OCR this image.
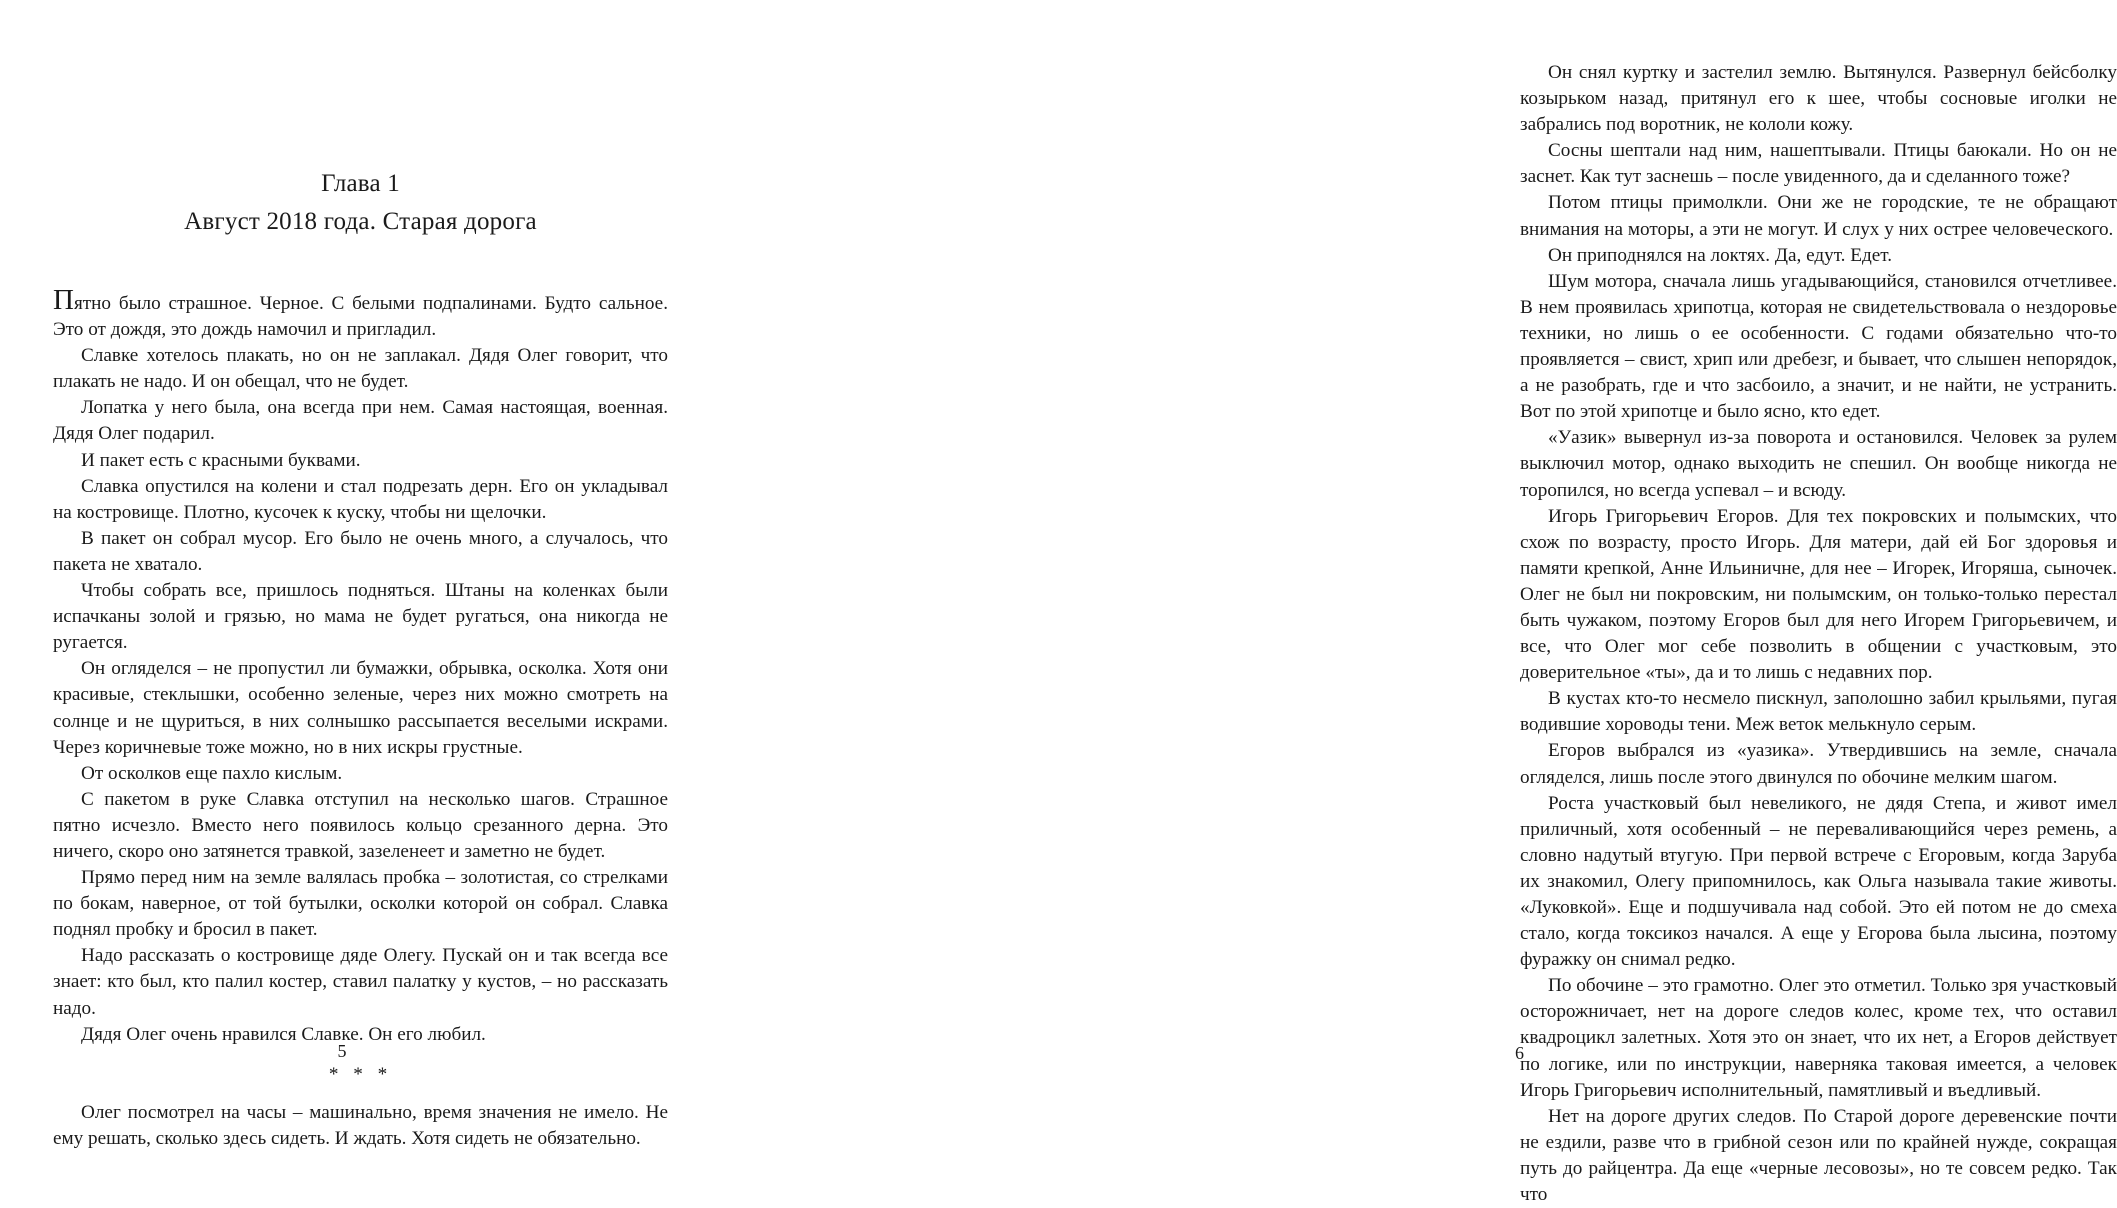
Глава 1
Август 2018 года. Старая дорога

Пятно было страшное. Черное. С белыми подпалинами. Будто сальное. Это от дождя, это дождь намочил и пригладил.

Славке хотелось плакать, но он не заплакал. Дядя Олег говорит, что плакать не надо. И он обещал, что не будет.

Лопатка у него была, она всегда при нем. Самая настоящая, военная. Дядя Олег подарил.

И пакет есть с красными буквами.

Славка опустился на колени и стал подрезать дерн. Его он укладывал на костровище. Плотно, кусочек к куску, чтобы ни щелочки.

В пакет он собрал мусор. Его было не очень много, а случалось, что пакета не хватало.

Чтобы собрать все, пришлось подняться. Штаны на коленках были испачканы золой и грязью, но мама не будет ругаться, она никогда не ругается.

Он огляделся – не пропустил ли бумажки, обрывка, осколка. Хотя они красивые, стеклышки, особенно зеленые, через них можно смотреть на солнце и не щуриться, в них солнышко рассыпается веселыми искрами. Через коричневые тоже можно, но в них искры грустные.

От осколков еще пахло кислым.

С пакетом в руке Славка отступил на несколько шагов. Страшное пятно исчезло. Вместо него появилось кольцо срезанного дерна. Это ничего, скоро оно затянется травкой, зазеленеет и заметно не будет.

Прямо перед ним на земле валялась пробка – золотистая, со стрелками по бокам, наверное, от той бутылки, осколки которой он собрал. Славка поднял пробку и бросил в пакет.

Надо рассказать о костровище дяде Олегу. Пускай он и так всегда все знает: кто был, кто палил костер, ставил палатку у кустов, – но рассказать надо.

Дядя Олег очень нравился Славке. Он его любил.

* * *

Олег посмотрел на часы – машинально, время значения не имело. Не ему решать, сколько здесь сидеть. И ждать. Хотя сидеть не обязательно.

5

Он снял куртку и застелил землю. Вытянулся. Развернул бейсболку козырьком назад, притянул его к шее, чтобы сосновые иголки не забрались под воротник, не кололи кожу.

Сосны шептали над ним, нашептывали. Птицы баюкали. Но он не заснет. Как тут заснешь – после увиденного, да и сделанного тоже?

Потом птицы примолкли. Они же не городские, те не обращают внимания на моторы, а эти не могут. И слух у них острее человеческого.

Он приподнялся на локтях. Да, едут. Едет.

Шум мотора, сначала лишь угадывающийся, становился отчетливее. В нем проявилась хрипотца, которая не свидетельствовала о нездоровье техники, но лишь о ее особенности. С годами обязательно что-то проявляется – свист, хрип или дребезг, и бывает, что слышен непорядок, а не разобрать, где и что засбоило, а значит, и не найти, не устранить. Вот по этой хрипотце и было ясно, кто едет.

«Уазик» вывернул из-за поворота и остановился. Человек за рулем выключил мотор, однако выходить не спешил. Он вообще никогда не торопился, но всегда успевал – и всюду.

Игорь Григорьевич Егоров. Для тех покровских и полымских, что схож по возрасту, просто Игорь. Для матери, дай ей Бог здоровья и памяти крепкой, Анне Ильиничне, для нее – Игорек, Игоряша, сыночек. Олег не был ни покровским, ни полымским, он только-только перестал быть чужаком, поэтому Егоров был для него Игорем Григорьевичем, и все, что Олег мог себе позволить в общении с участковым, это доверительное «ты», да и то лишь с недавних пор.

В кустах кто-то несмело пискнул, заполошно забил крыльями, пугая водившие хороводы тени. Меж веток мелькнуло серым.

Егоров выбрался из «уазика». Утвердившись на земле, сначала огляделся, лишь после этого двинулся по обочине мелким шагом.

Роста участковый был невеликого, не дядя Степа, и живот имел приличный, хотя особенный – не переваливающийся через ремень, а словно надутый втугую. При первой встрече с Егоровым, когда Заруба их знакомил, Олегу припомнилось, как Ольга называла такие животы. «Луковкой». Еще и подшучивала над собой. Это ей потом не до смеха стало, когда токсикоз начался. А еще у Егорова была лысина, поэтому фуражку он снимал редко.

По обочине – это грамотно. Олег это отметил. Только зря участковый осторожничает, нет на дороге следов колес, кроме тех, что оставил квадроцикл залетных. Хотя это он знает, что их нет, а Егоров действует по логике, или по инструкции, наверняка таковая имеется, а человек Игорь Григорьевич исполнительный, памятливый и въедливый.

Нет на дороге других следов. По Старой дороге деревенские почти не ездили, разве что в грибной сезон или по крайней нужде, сокращая путь до райцентра. Да еще «черные лесовозы», но те совсем редко. Так что

6
